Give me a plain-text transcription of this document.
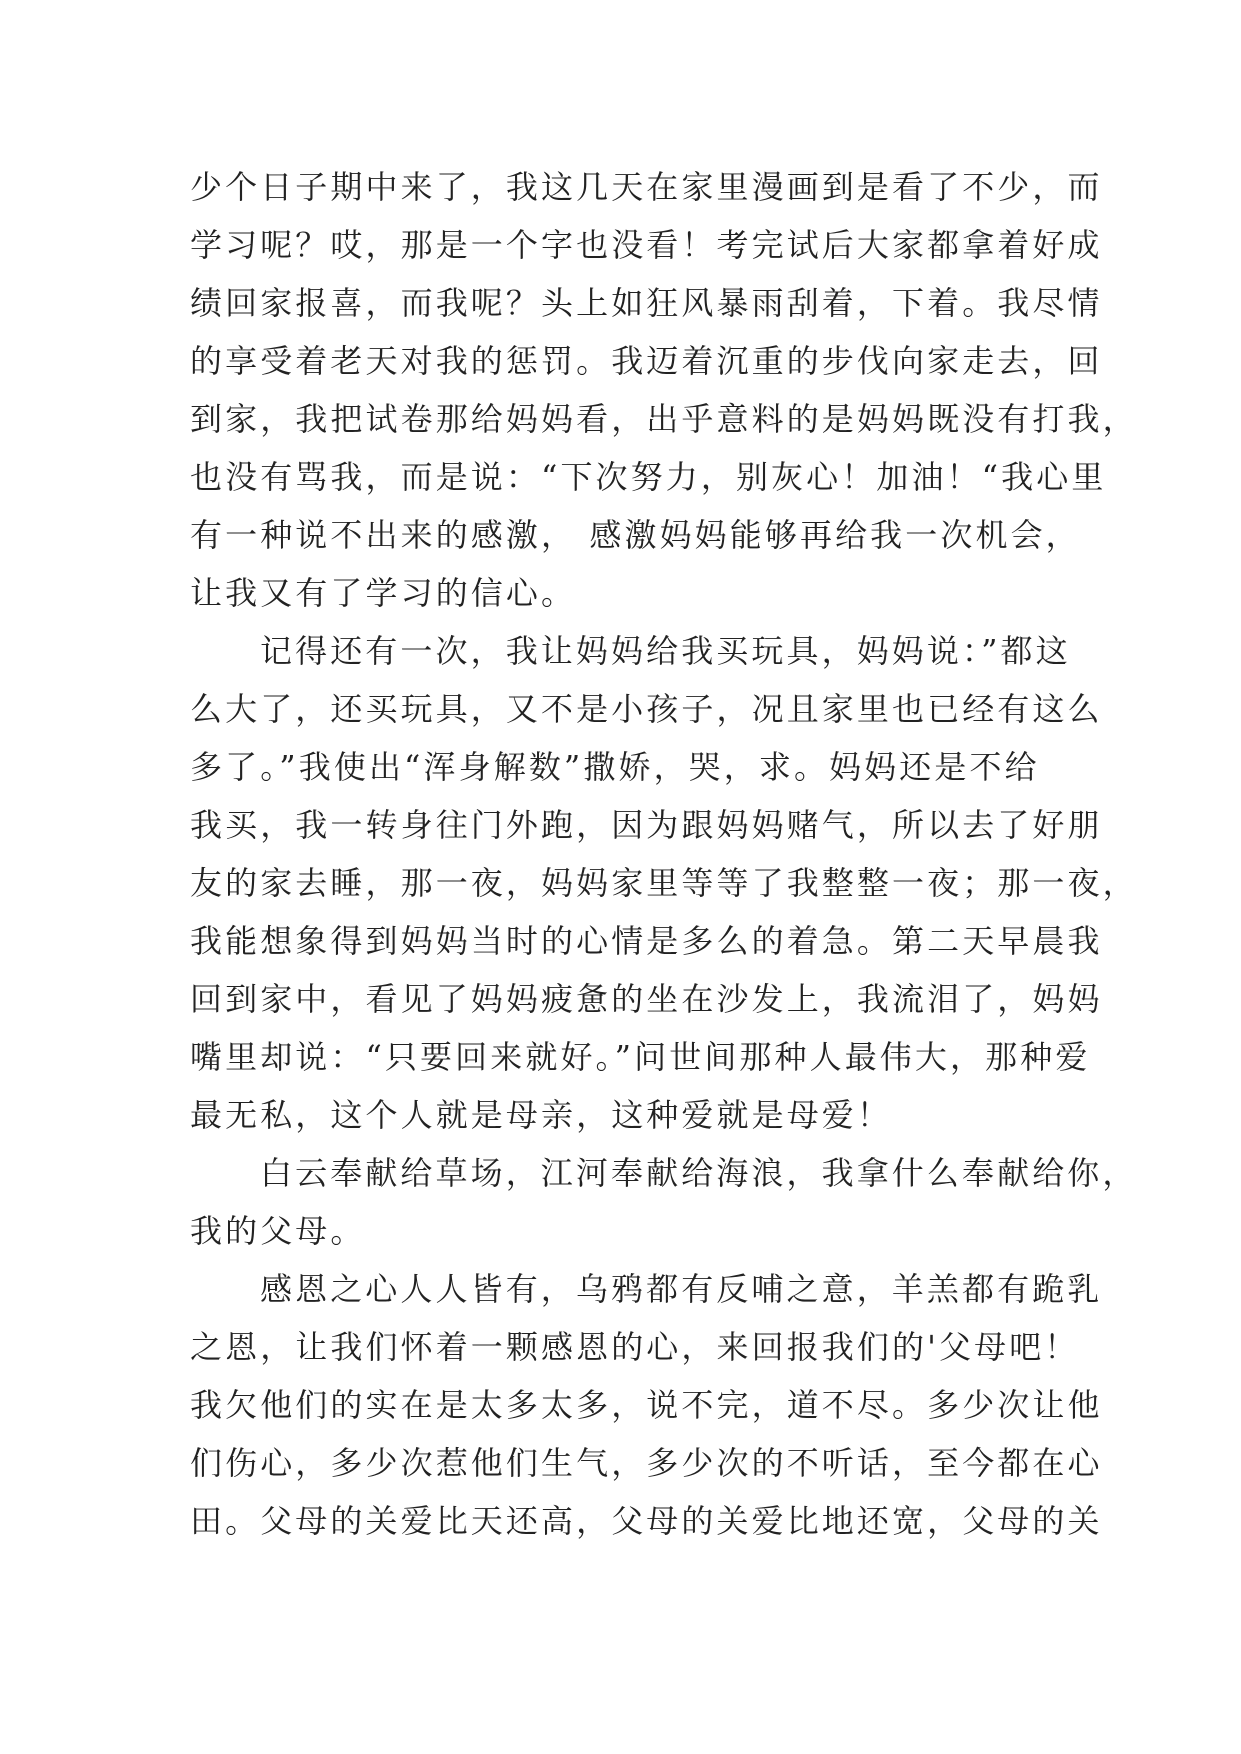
少个日子期中来了，我这几天在家里漫画到是看了不少，而
学习呢？哎，那是一个字也没看！考完试后大家都拿着好成
绩回家报喜，而我呢？头上如狂风暴雨刮着，下着。我尽情
的享受着老天对我的惩罚。我迈着沉重的步伐向家走去，回
到家，我把试卷那给妈妈看，出乎意料的是妈妈既没有打我，
也没有骂我，而是说：“下次努力，别灰心！加油！“我心里
有一种说不出来的感激， 感激妈妈能够再给我一次机会，
让我又有了学习的信心。
记得还有一次，我让妈妈给我买玩具，妈妈说：”都这
么大了，还买玩具，又不是小孩子，况且家里也已经有这么
多了。”我使出“浑身解数”撒娇，哭，求。妈妈还是不给
我买，我一转身往门外跑，因为跟妈妈赌气，所以去了好朋
友的家去睡，那一夜，妈妈家里等等了我整整一夜；那一夜，
我能想象得到妈妈当时的心情是多么的着急。第二天早晨我
回到家中，看见了妈妈疲惫的坐在沙发上，我流泪了，妈妈
嘴里却说：“只要回来就好。”问世间那种人最伟大，那种爱
最无私，这个人就是母亲，这种爱就是母爱！
白云奉献给草场，江河奉献给海浪，我拿什么奉献给你，
我的父母。
感恩之心人人皆有，乌鸦都有反哺之意，羊羔都有跪乳
之恩，让我们怀着一颗感恩的心，来回报我们的'父母吧！
我欠他们的实在是太多太多，说不完，道不尽。多少次让他
们伤心，多少次惹他们生气，多少次的不听话，至今都在心
田。父母的关爱比天还高，父母的关爱比地还宽，父母的关
